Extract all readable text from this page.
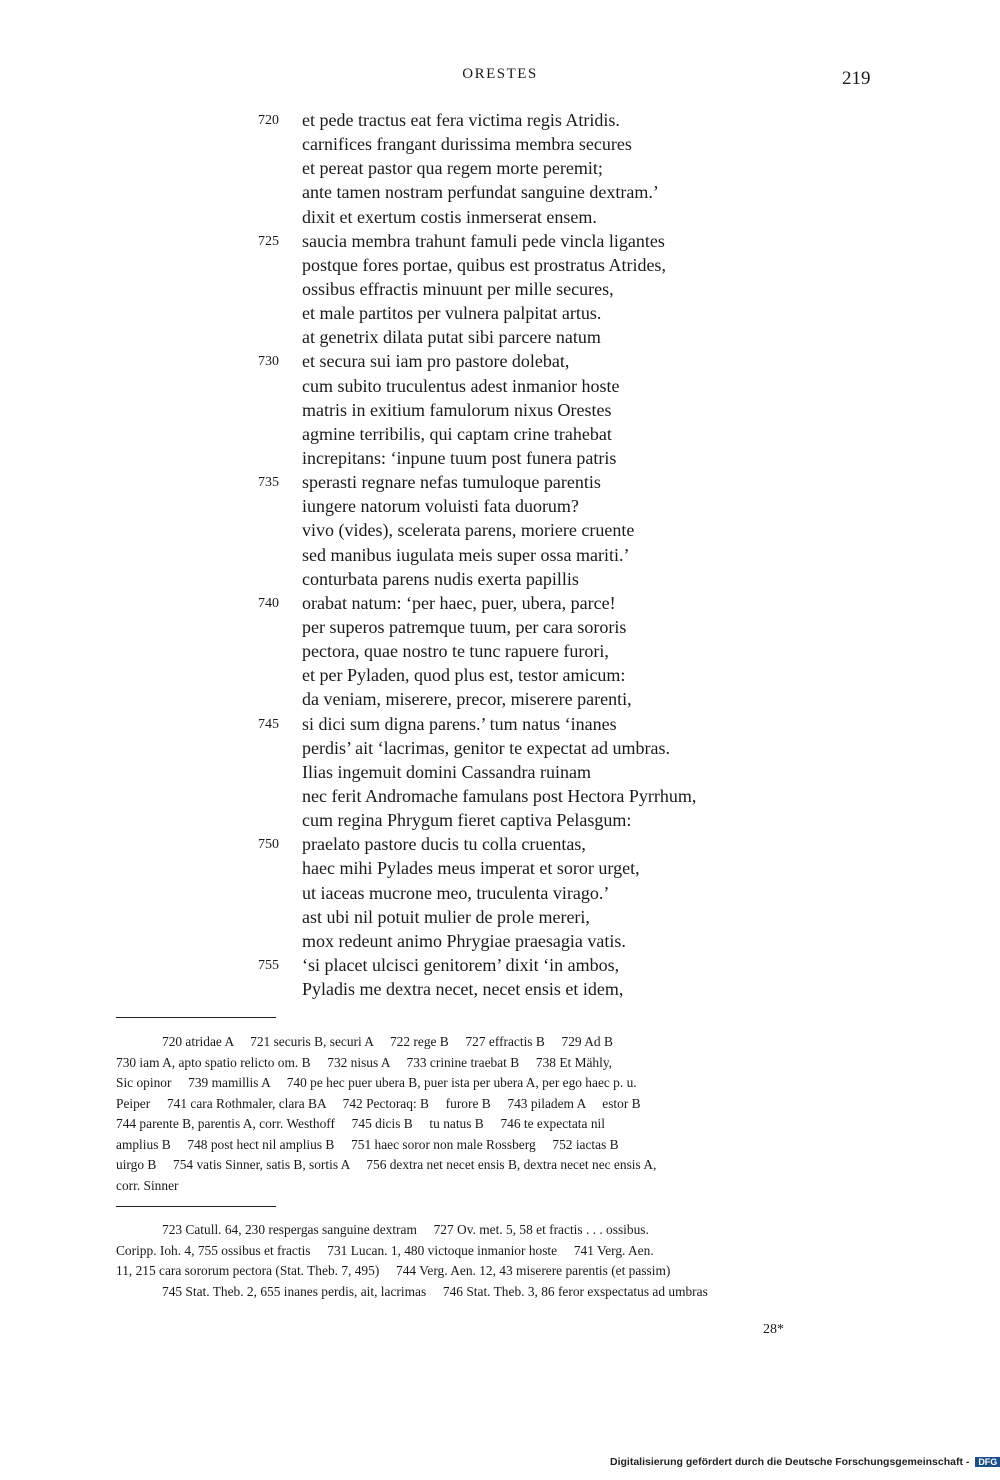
ORESTES	219
720 et pede tractus eat fera victima regis Atridis.
carnifices frangant durissima membra secures
et pereat pastor qua regem morte peremit;
ante tamen nostram perfundat sanguine dextram.’
dixit et exertum costis inmerserat ensem.
725 saucia membra trahunt famuli pede vincla ligantes
postque fores portae, quibus est prostratus Atrides,
ossibus effractis minuunt per mille secures,
et male partitos per vulnera palpitat artus.
at genetrix dilata putat sibi parcere natum
730 et secura sui iam pro pastore dolebat,
cum subito truculentus adest inmanior hoste
matris in exitium famulorum nixus Orestes
agmine terribilis, qui captam crine trahebat
increpitans: ‘inpune tuum post funera patris
735 sperasti regnare nefas tumuloque parentis
iungere natorum voluisti fata duorum?
vivo (vides), scelerata parens, moriere cruente
sed manibus iugulata meis super ossa mariti.’
conturbata parens nudis exerta papillis
740 orabat natum: ‘per haec, puer, ubera, parce!
per superos patremque tuum, per cara sororis
pectora, quae nostro te tunc rapuere furori,
et per Pyladen, quod plus est, testor amicum:
da veniam, miserere, precor, miserere parenti,
745 si dici sum digna parens.’ tum natus ‘inanes
perdis’ ait ‘lacrimas, genitor te expectat ad umbras.
Ilias ingemuit domini Cassandra ruinam
nec ferit Andromache famulans post Hectora Pyrrhum,
cum regina Phrygum fieret captiva Pelasgum:
750 praelato pastore ducis tu colla cruentas,
haec mihi Pylades meus imperat et soror urget,
ut iaceas mucrone meo, truculenta virago.’
ast ubi nil potuit mulier de prole mereri,
mox redeunt animo Phrygiae praesagia vatis.
755 ‘si placet ulcisci genitorem’ dixit ‘in ambos,
Pyladis me dextra necet, necet ensis et idem,
720 atridae A     721 securis B, securi A     722 rege B     727 effractis B     729 Ad B
730 iam A, apto spatio relicto om. B     732 nisus A     733 crinine traebat B     738 Et Mähly,
Sic opinor     739 mamillis A     740 pe hec puer ubera B, puer ista per ubera A, per ego haec p. u.
Peiper     741 cara Rothmaler, clara BA     742 Pectoraq: B     furore B     743 piladem A     estor B
744 parente B, parentis A, corr. Westhoff     745 dicis B     tu natus B     746 te expectata nil
amplius B     748 post hect nil amplius B     751 haec soror non male Rossberg     752 iactas B
uirgo B     754 vatis Sinner, satis B, sortis A     756 dextra net necet ensis B, dextra necet nec ensis A,
corr. Sinner
723 Catull. 64, 230 respergas sanguine dextram     727 Ov. met. 5, 58 et fractis . . . ossibus.
Coripp. Ioh. 4, 755 ossibus et fractis     731 Lucan. 1, 480 victoque inmanior hoste     741 Verg. Aen.
11, 215 cara sororum pectora (Stat. Theb. 7, 495)     744 Verg. Aen. 12, 43 miserere parentis (et passim)
745 Stat. Theb. 2, 655 inanes perdis, ait, lacrimas     746 Stat. Theb. 3, 86 feror exspectatus ad umbras
28*
Digitalisierung gefördert durch die Deutsche Forschungsgemeinschaft - DFG
